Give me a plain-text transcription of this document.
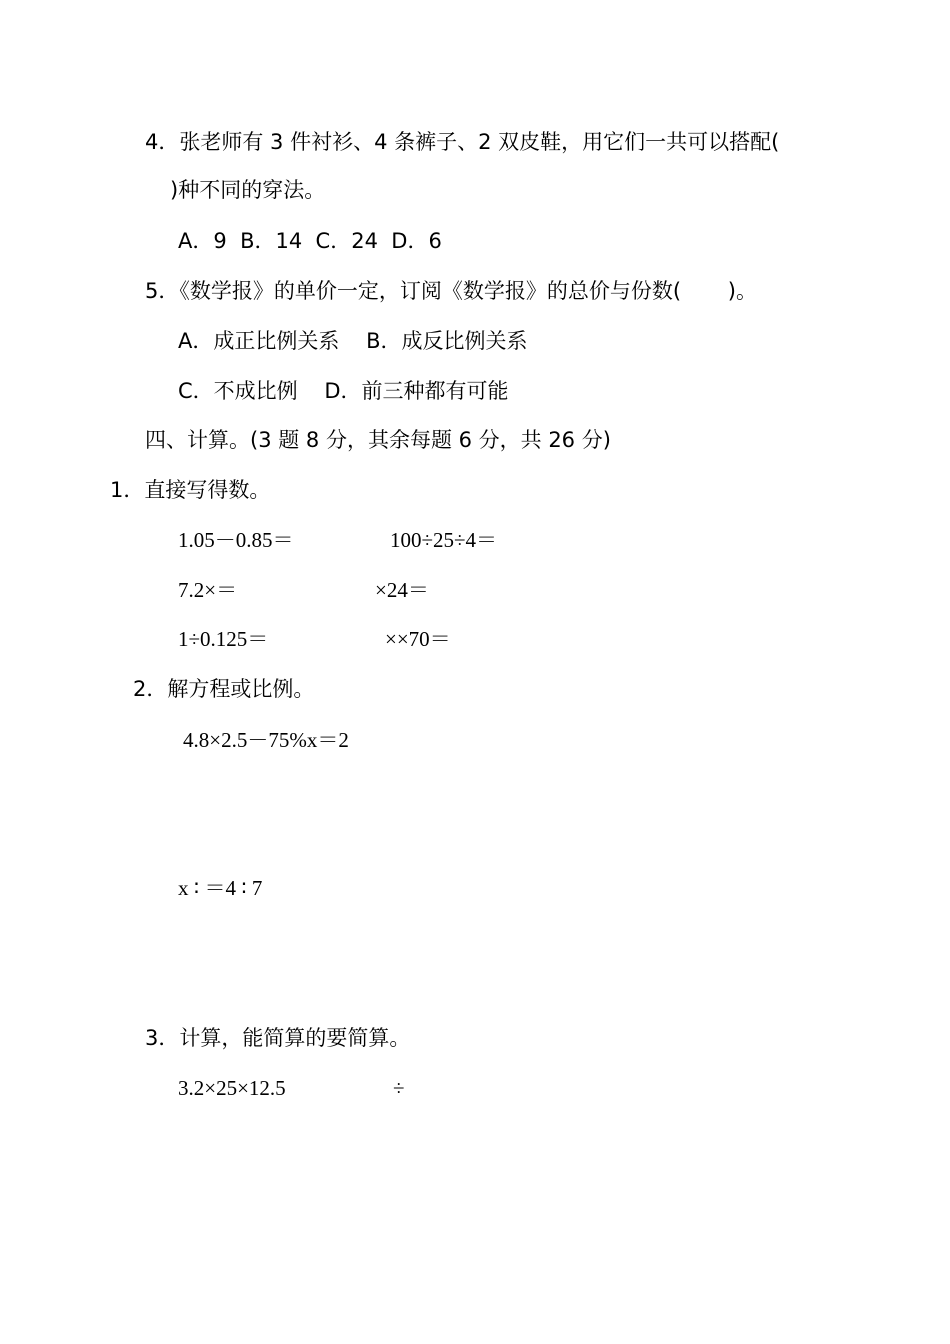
4．张老师有 3 件衬衫、4 条裤子、2 双皮鞋，用它们一共可以搭配(
)种不同的穿法。
A．9  B．14  C．24  D．6
5．《数学报》的单价一定，订阅《数学报》的总价与份数(       )。
A．成正比例关系    B．成反比例关系
C．不成比例    D．前三种都有可能
四、计算。(3 题 8 分，其余每题 6 分，共 26 分)
1．直接写得数。
1.05－0.85＝	100÷25÷4＝
7.2×＝	×24＝
1÷0.125＝	××70＝
2．解方程或比例。
4.8×2.5－75%x＝2
x ∶ ＝4 ∶ 7
3．计算，能简算的要简算。
3.2×25×12.5	÷
